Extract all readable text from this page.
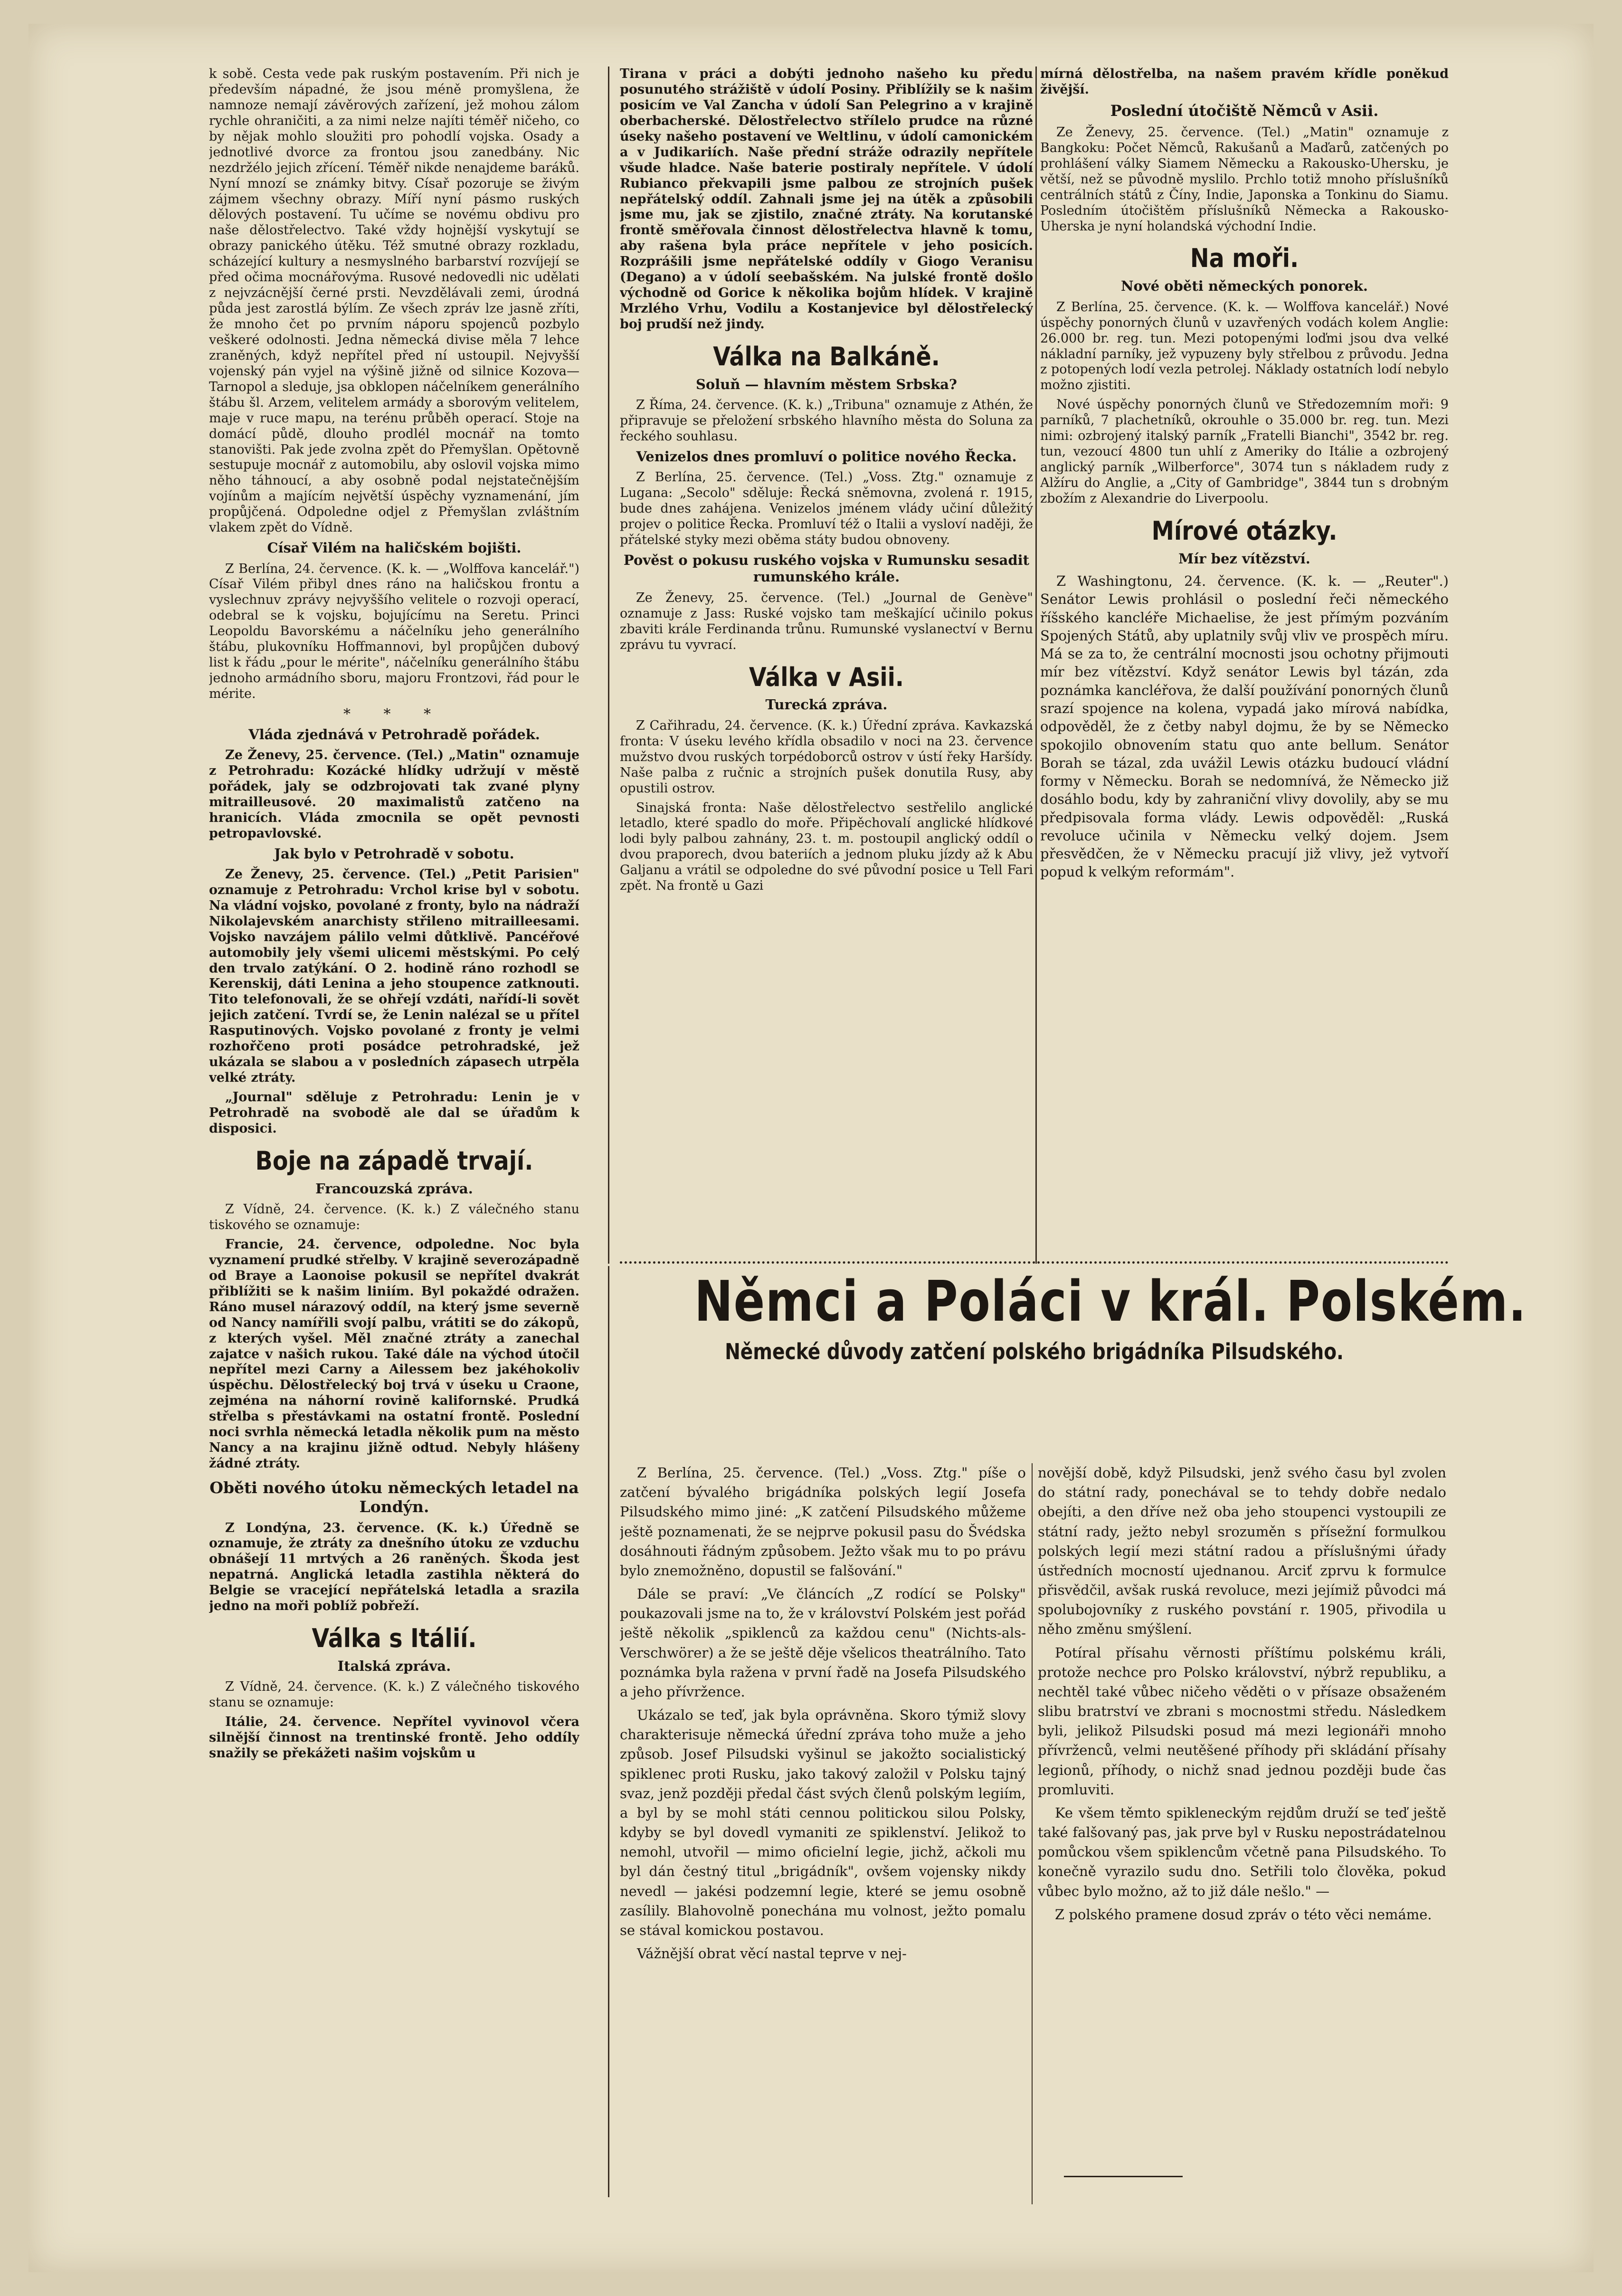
k sobě. Cesta vede pak ruským postavením. Při nich je především nápadné, že jsou méně promyšlena, že namnoze nemají závěrových zařízení, jež mohou zálom rychle ohraničiti, a za nimi nelze najíti téměř ničeho, co by nějak mohlo sloužiti pro pohodlí vojska. Osady a jednotlivé dvorce za frontou jsou zanedbány. Nic nezdržélo jejich zřícení. Téměř nikde nenajdeme baráků. Nyní mnozí se známky bitvy. Císař pozoruje se živým zájmem všechny obrazy. Míří nyní pásmo ruských dělových postavení. Tu učíme se novému obdivu pro naše dělostřelectvo. Také vždy hojnější vyskytují se obrazy panického útěku. Též smutné obrazy rozkladu, scházející kultury a nesmyslného barbarství rozvíjejí se před očima mocnářovýma. Rusové nedovedli nic udělati z nejvzácnější černé prsti. Nevzdělávali zemi, úrodná půda jest zarostlá býlím. Ze všech zpráv lze jasně zříti, že mnoho čet po prvním náporu spojenců pozbylo veškeré odolnosti. Jedna německá divise měla 7 lehce zraněných, když nepřítel před ní ustoupil. Nejvyšší vojenský pán vyjel na výšině jižně od silnice Kozova—Tarnopol a sleduje, jsa obklopen náčelníkem generálního štábu šl. Arzem, velitelem armády a sborovým velitelem, maje v ruce mapu, na terénu průběh operací. Stoje na domácí půdě, dlouho prodlél mocnář na tomto stanovišti. Pak jede zvolna zpět do Přemyšlan. Opětovně sestupuje mocnář z automobilu, aby oslovil vojska mimo něho táhnoucí, a aby osobně podal nejstatečnějším vojínům a majícím největší úspěchy vyznamenání, jím propůjčená. Odpoledne odjel z Přemyšlan zvláštním vlakem zpět do Vídně.

Císař Vilém na haličském bojišti.

Z Berlína, 24. července. (K. k. — „Wolffova kancelář.") Císař Vilém přibyl dnes ráno na haličskou frontu a vyslechnuv zprávy nejvyššího velitele o rozvoji operací, odebral se k vojsku, bojujícímu na Seretu. Princi Leopoldu Bavorskému a náčelníku jeho generálního štábu, plukovníku Hoffmannovi, byl propůjčen dubový list k řádu „pour le mérite", náčelníku generálního štábu jednoho armádního sboru, majoru Frontzovi, řád pour le mérite.

* * *
Vláda zjednává v Petrohradě pořádek.

Ze Ženevy, 25. července. (Tel.) „Matin" oznamuje z Petrohradu: Kozácké hlídky udržují v městě pořádek, jaly se odzbrojovati tak zvané plyny mitrailleusové. 20 maximalistů zatčeno na hranicích. Vláda zmocnila se opět pevnosti petropavlovské.

Jak bylo v Petrohradě v sobotu.

Ze Ženevy, 25. července. (Tel.) „Petit Parisien" oznamuje z Petrohradu: Vrchol krise byl v sobotu. Na vládní vojsko, povolané z fronty, bylo na nádraží Nikolajevském anarchisty střileno mitrailleesami. Vojsko navzájem pálilo velmi důtklivě. Pancéřové automobily jely všemi ulicemi městskými. Po celý den trvalo zatýkání. O 2. hodině ráno rozhodl se Kerenskij, dáti Lenina a jeho stoupence zatknouti. Tito telefonovali, že se ohřejí vzdáti, nařídí-li sovět jejich zatčení. Tvrdí se, že Lenin nalézal se u přítel Rasputinových. Vojsko povolané z fronty je velmi rozhořčeno proti posádce petrohradské, jež ukázala se slabou a v posledních zápasech utrpěla velké ztráty.

„Journal" sděluje z Petrohradu: Lenin je v Petrohradě na svobodě ale dal se úřadům k disposici.

Boje na západě trvají.
Francouzská zpráva.

Z Vídně, 24. července. (K. k.) Z válečného stanu tiskového se oznamuje:

Francie, 24. července, odpoledne. Noc byla vyznamení prudké střelby. V krajině severozápadně od Braye a Laonoise pokusil se nepřítel dvakrát přiblížiti se k našim liniím. Byl pokaždé odražen. Ráno musel nárazový oddíl, na který jsme severně od Nancy namířili svojí palbu, vrátiti se do zákopů, z kterých vyšel. Měl značné ztráty a zanechal zajatce v našich rukou. Také dále na východ útočil nepřítel mezi Carny a Ailessem bez jakéhokoliv úspěchu. Dělostřelecký boj trvá v úseku u Craone, zejména na náhorní rovině kalifornské. Prudká střelba s přestávkami na ostatní frontě. Poslední noci svrhla německá letadla několik pum na město Nancy a na krajinu jižně odtud. Nebyly hlášeny žádné ztráty.

Oběti nového útoku německých letadel na Londýn.

Z Londýna, 23. července. (K. k.) Úředně se oznamuje, že ztráty za dnešního útoku ze vzduchu obnášejí 11 mrtvých a 26 raněných. Škoda jest nepatrná. Anglická letadla zastihla některá do Belgie se vracející nepřátelská letadla a srazila jedno na moři poblíž pobřeží.

Válka s Itálií.
Italská zpráva.

Z Vídně, 24. července. (K. k.) Z válečného tiskového stanu se oznamuje:

Itálie, 24. července. Nepřítel vyvinovol včera silnější činnost na trentinské frontě. Jeho oddíly snažily se překážeti našim vojskům u

Tirana v práci a dobýti jednoho našeho ku předu posunutého strážiště v údolí Posiny. Přiblížily se k našim posicím ve Val Zancha v údolí San Pelegrino a v krajině oberbacherské. Dělostřelectvo střílelo prudce na různé úseky našeho postavení ve Weltlinu, v údolí camonickém a v Judikariích. Naše přední stráže odrazily nepřítele všude hladce. Naše baterie postiraly nepřítele. V údolí Rubianco překvapili jsme palbou ze strojních pušek nepřátelský oddíl. Zahnali jsme jej na útěk a způsobili jsme mu, jak se zjistilo, značné ztráty. Na korutanské frontě směřovala činnost dělostřelectva hlavně k tomu, aby rašena byla práce nepřítele v jeho posicích. Rozprášili jsme nepřátelské oddíly v Giogo Veranisu (Degano) a v údolí seebašském. Na julské frontě došlo východně od Gorice k několika bojům hlídek. V krajině Mrzlého Vrhu, Vodilu a Kostanjevice byl dělostřelecký boj prudší než jindy.

Válka na Balkáně.
Soluň — hlavním městem Srbska?

Z Říma, 24. července. (K. k.) „Tribuna" oznamuje z Athén, že připravuje se přeložení srbského hlavního města do Soluna za řeckého souhlasu.

Venizelos dnes promluví o politice nového Řecka.

Z Berlína, 25. července. (Tel.) „Voss. Ztg." oznamuje z Lugana: „Secolo" sděluje: Řecká sněmovna, zvolená r. 1915, bude dnes zahájena. Venizelos jménem vlády učiní důležitý projev o politice Řecka. Promluví též o Italii a vysloví naději, že přátelské styky mezi oběma státy budou obnoveny.

Pověst o pokusu ruského vojska v Rumunsku sesadit rumunského krále.

Ze Ženevy, 25. července. (Tel.) „Journal de Genève" oznamuje z Jass: Ruské vojsko tam meškající učinilo pokus zbaviti krále Ferdinanda trůnu. Rumunské vyslanectví v Bernu zprávu tu vyvrací.

Válka v Asii.
Turecká zpráva.

Z Cařihradu, 24. července. (K. k.) Úřední zpráva. Kavkazská fronta: V úseku levého křídla obsadilo v noci na 23. července mužstvo dvou ruských torpédoborců ostrov v ústí řeky Haršídy. Naše palba z ručnic a strojních pušek donutila Rusy, aby opustili ostrov.

Sinajská fronta: Naše dělostřelectvo sestřelilo anglické letadlo, které spadlo do moře. Připěchovalí anglické hlídkové lodi byly palbou zahnány, 23. t. m. postoupil anglický oddíl o dvou praporech, dvou bateriích a jednom pluku jízdy až k Abu Galjanu a vrátil se odpoledne do své původní posice u Tell Fari zpět. Na frontě u Gazi

mírná dělostřelba, na našem pravém křídle poněkud živější.

Poslední útočiště Němců v Asii.

Ze Ženevy, 25. července. (Tel.) „Matin" oznamuje z Bangkoku: Počet Němců, Rakušanů a Maďarů, zatčených po prohlášení války Siamem Německu a Rakousko-Uhersku, je větší, než se původně myslilo. Prchlo totiž mnoho příslušníků centrálních států z Číny, Indie, Japonska a Tonkinu do Siamu. Posledním útočištěm příslušníků Německa a Rakousko-Uherska je nyní holandská východní Indie.

Na moři.
Nové oběti německých ponorek.

Z Berlína, 25. července. (K. k. — Wolffova kancelář.) Nové úspěchy ponorných člunů v uzavřených vodách kolem Anglie: 26.000 br. reg. tun. Mezi potopenými loďmi jsou dva velké nákladní parníky, jež vypuzeny byly střelbou z průvodu. Jedna z potopených lodí vezla petrolej. Náklady ostatních lodí nebylo možno zjistiti.

Nové úspěchy ponorných člunů ve Středozemním moři: 9 parníků, 7 plachetníků, okrouhle o 35.000 br. reg. tun. Mezi nimi: ozbrojený italský parník „Fratelli Bianchi", 3542 br. reg. tun, vezoucí 4800 tun uhlí z Ameriky do Itálie a ozbrojený anglický parník „Wilberforce", 3074 tun s nákladem rudy z Alžíru do Anglie, a „City of Gambridge", 3844 tun s drobným zbožím z Alexandrie do Liverpoolu.

Mírové otázky.
Mír bez vítězství.

Z Washingtonu, 24. července. (K. k. — „Reuter".) Senátor Lewis prohlásil o poslední řeči německého říšského kancléře Michaelise, že jest přímým pozváním Spojených Států, aby uplatnily svůj vliv ve prospěch míru. Má se za to, že centrální mocnosti jsou ochotny přijmouti mír bez vítězství. Když senátor Lewis byl tázán, zda poznámka kancléřova, že další používání ponorných člunů srazí spojence na kolena, vypadá jako mírová nabídka, odpověděl, že z četby nabyl dojmu, že by se Německo spokojilo obnovením statu quo ante bellum. Senátor Borah se tázal, zda uvážil Lewis otázku budoucí vládní formy v Německu. Borah se nedomnívá, že Německo již dosáhlo bodu, kdy by zahraniční vlivy dovolily, aby se mu předpisovala forma vlády. Lewis odpověděl: „Ruská revoluce učinila v Německu velký dojem. Jsem přesvědčen, že v Německu pracují již vlivy, jež vytvoří popud k velkým reformám".

Němci a Poláci v král. Polském.
Německé důvody zatčení polského brigádníka Pilsudského.

Z Berlína, 25. července. (Tel.) „Voss. Ztg." píše o zatčení bývalého brigádníka polských legií Josefa Pilsudského mimo jiné: „K zatčení Pilsudského můžeme ještě poznamenati, že se nejprve pokusil pasu do Švédska dosáhnouti řádným způsobem. Ježto však mu to po právu bylo znemožněno, dopustil se falšování."

Dále se praví: „Ve článcích „Z rodící se Polsky" poukazovali jsme na to, že v království Polském jest pořád ještě několik „spiklenců za každou cenu" (Nichts-als-Verschwörer) a že se ještě děje všelicos theatrálního. Tato poznámka byla ražena v první řadě na Josefa Pilsudského a jeho přívržence.

Ukázalo se teď, jak byla oprávněna. Skoro týmiž slovy charakterisuje německá úřední zpráva toho muže a jeho způsob. Josef Pilsudski vyšinul se jakožto socialistický spiklenec proti Rusku, jako takový založil v Polsku tajný svaz, jenž později předal část svých členů polským legiím, a byl by se mohl státi cennou politickou silou Polsky, kdyby se byl dovedl vymaniti ze spiklenství. Jelikož to nemohl, utvořil — mimo oficielní legie, jichž, ačkoli mu byl dán čestný titul „brigádník", ovšem vojensky nikdy nevedl — jakési podzemní legie, které se jemu osobně zasílily. Blahovolně ponechána mu volnost, ježto pomalu se stával komickou postavou.

Vážnější obrat věcí nastal teprve v nej-

novější době, když Pilsudski, jenž svého času byl zvolen do státní rady, ponechával se to tehdy dobře nedalo obejíti, a den dříve než oba jeho stoupenci vystoupili ze státní rady, ježto nebyl srozuměn s přísežní formulkou polských legií mezi státní radou a příslušnými úřady ústředních mocností ujednanou. Arciť zprvu k formulce přisvědčil, avšak ruská revoluce, mezi jejímiž původci má spolubojovníky z ruského povstání r. 1905, přivodila u něho změnu smýšlení.

Potíral přísahu věrnosti příštímu polskému králi, protože nechce pro Polsko království, nýbrž republiku, a nechtěl také vůbec ničeho věděti o v přísaze obsaženém slibu bratrství ve zbrani s mocnostmi středu. Následkem byli, jelikož Pilsudski posud má mezi legionáři mnoho přívrženců, velmi neutěšené příhody při skládání přísahy legionů, příhody, o nichž snad jednou později bude čas promluviti.

Ke všem těmto spikleneckým rejdům druží se teď ještě také falšovaný pas, jak prve byl v Rusku nepostrádatelnou pomůckou všem spiklencům včetně pana Pilsudského. To konečně vyrazilo sudu dno. Setřili tolo člověka, pokud vůbec bylo možno, až to již dále nešlo." —

Z polského pramene dosud zpráv o této věci nemáme.
